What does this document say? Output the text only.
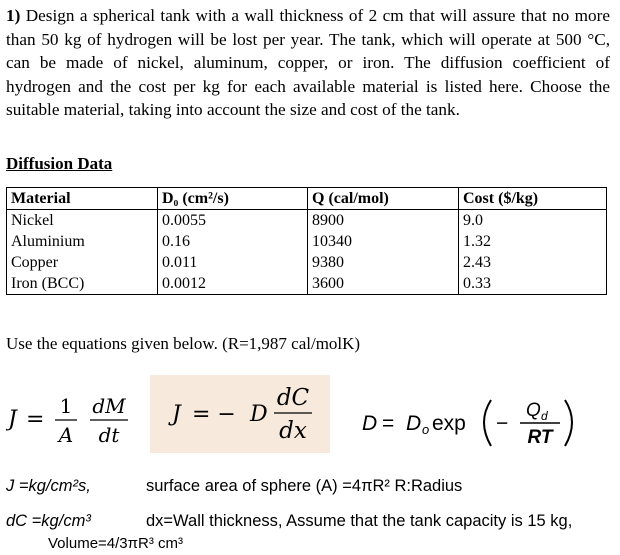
1) Design a spherical tank with a wall thickness of 2 cm that will assure that no more than 50 kg of hydrogen will be lost per year. The tank, which will operate at 500 °C, can be made of nickel, aluminum, copper, or iron. The diffusion coefficient of hydrogen and the cost per kg for each available material is listed here. Choose the suitable material, taking into account the size and cost of the tank.
Diffusion Data
Material	D₀ (cm²/s)	Q (cal/mol)	Cost ($/kg)
Nickel	0.0055	8900	9.0
Aluminium	0.16	10340	1.32
Copper	0.011	9380	2.43
Iron (BCC)	0.0012	3600	0.33
Use the equations given below. (R=1,987 cal/molK)
J =
1 dM
A dt
J = − D
dC
dx	D = D o exp −
Q d
RT
J =kg/cm²s,	surface area of sphere (A) =4πR² R:Radius
dC =kg/cm³	dx=Wall thickness, Assume that the tank capacity is 15 kg,
Volume=4/3πR³ cm³
